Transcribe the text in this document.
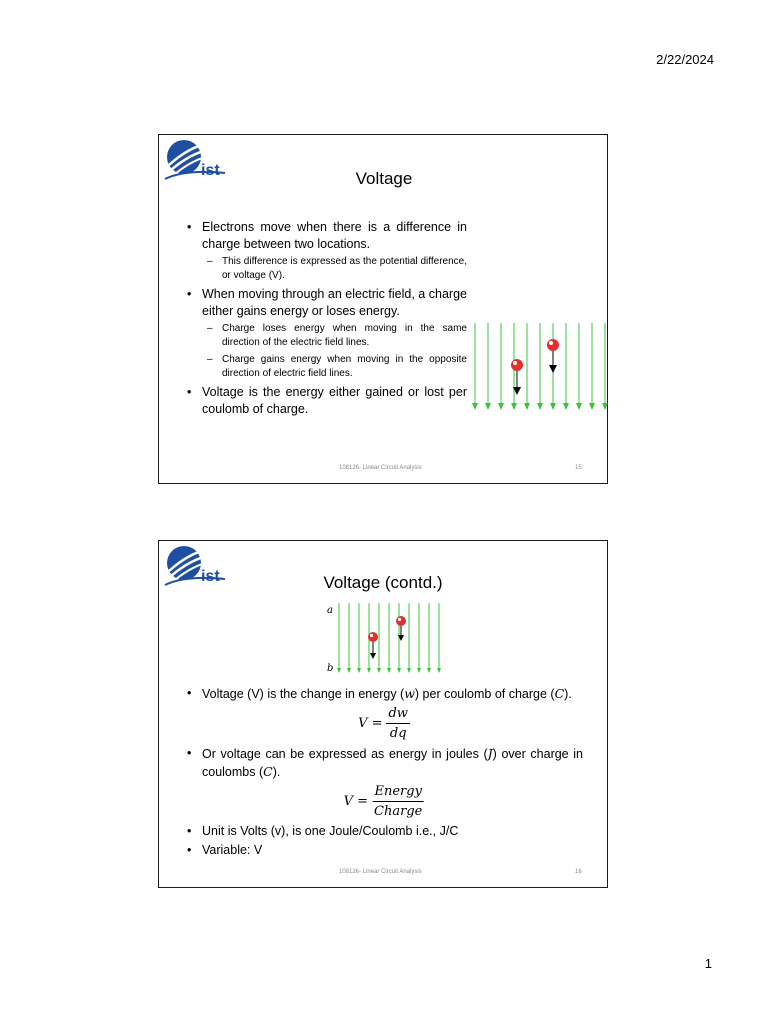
2/22/2024
ist	Voltage
• Electrons move when there is a difference in charge between two locations.
– This difference is expressed as the potential difference, or voltage (V).
• When moving through an electric field, a charge either gains energy or loses energy.
– Charge loses energy when moving in the same direction of the electric field lines.
– Charge gains energy when moving in the opposite direction of electric field lines.
• Voltage is the energy either gained or lost per coulomb of charge.
108126- Linear Circuit Analysis	15
ist	Voltage (contd.)
a
b
• Voltage (V) is the change in energy (w) per coulomb of charge (C).
$V = \frac{dw}{dq}$
• Or voltage can be expressed as energy in joules (J) over charge in coulombs (C).
$V = \frac{\text{Energy}}{\text{Charge}}$
• Unit is Volts (v), is one Joule/Coulomb i.e., J/C
• Variable: V
108126- Linear Circuit Analysis	16
1
